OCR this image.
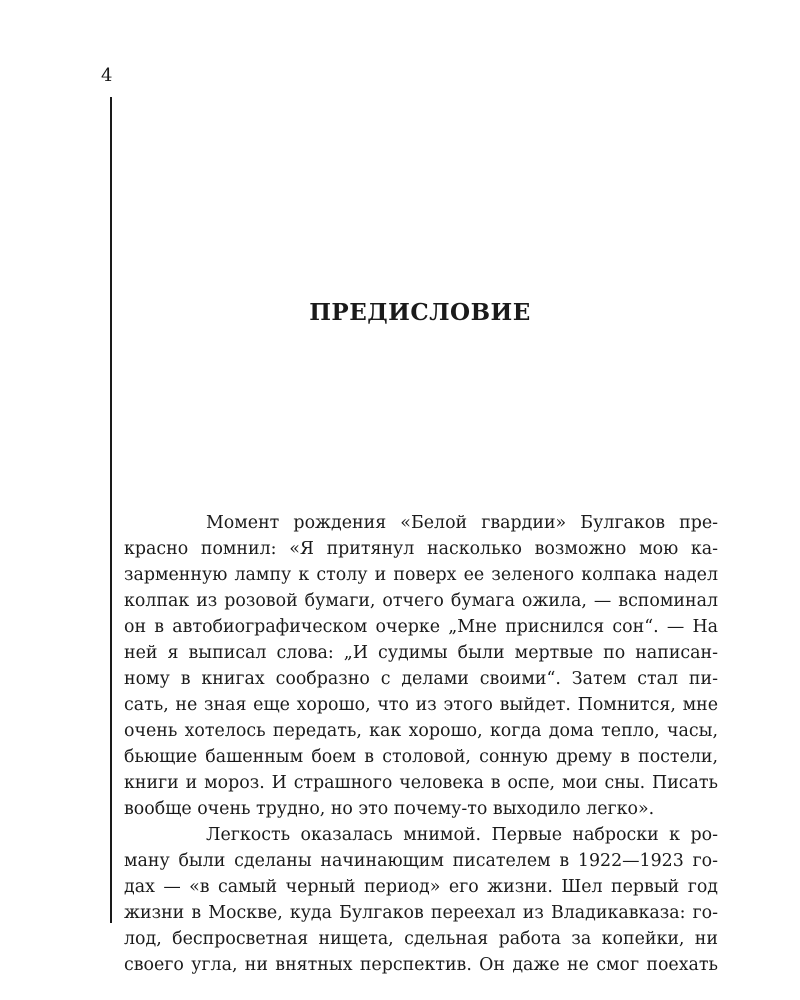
4
ПРЕДИСЛОВИЕ
Момент рождения «Белой гвардии» Булгаков пре-
красно помнил: «Я притянул насколько возможно мою ка-
зарменную лампу к столу и поверх ее зеленого колпака надел
колпак из розовой бумаги, отчего бумага ожила, — вспоминал
он в автобиографическом очерке „Мне приснился сон“. — На
ней я выписал слова: „И судимы были мертвые по написан-
ному в книгах сообразно с делами своими“. Затем стал пи-
сать, не зная еще хорошо, что из этого выйдет. Помнится, мне
очень хотелось передать, как хорошо, когда дома тепло, часы,
бьющие башенным боем в столовой, сонную дрему в постели,
книги и мороз. И страшного человека в оспе, мои сны. Писать
вообще очень трудно, но это почему-то выходило легко».
Легкость оказалась мнимой. Первые наброски к ро-
ману были сделаны начинающим писателем в 1922—1923 го-
дах — «в самый черный период» его жизни. Шел первый год
жизни в Москве, куда Булгаков переехал из Владикавказа: го-
лод, беспросветная нищета, сдельная работа за копейки, ни
своего угла, ни внятных перспектив. Он даже не смог поехать
